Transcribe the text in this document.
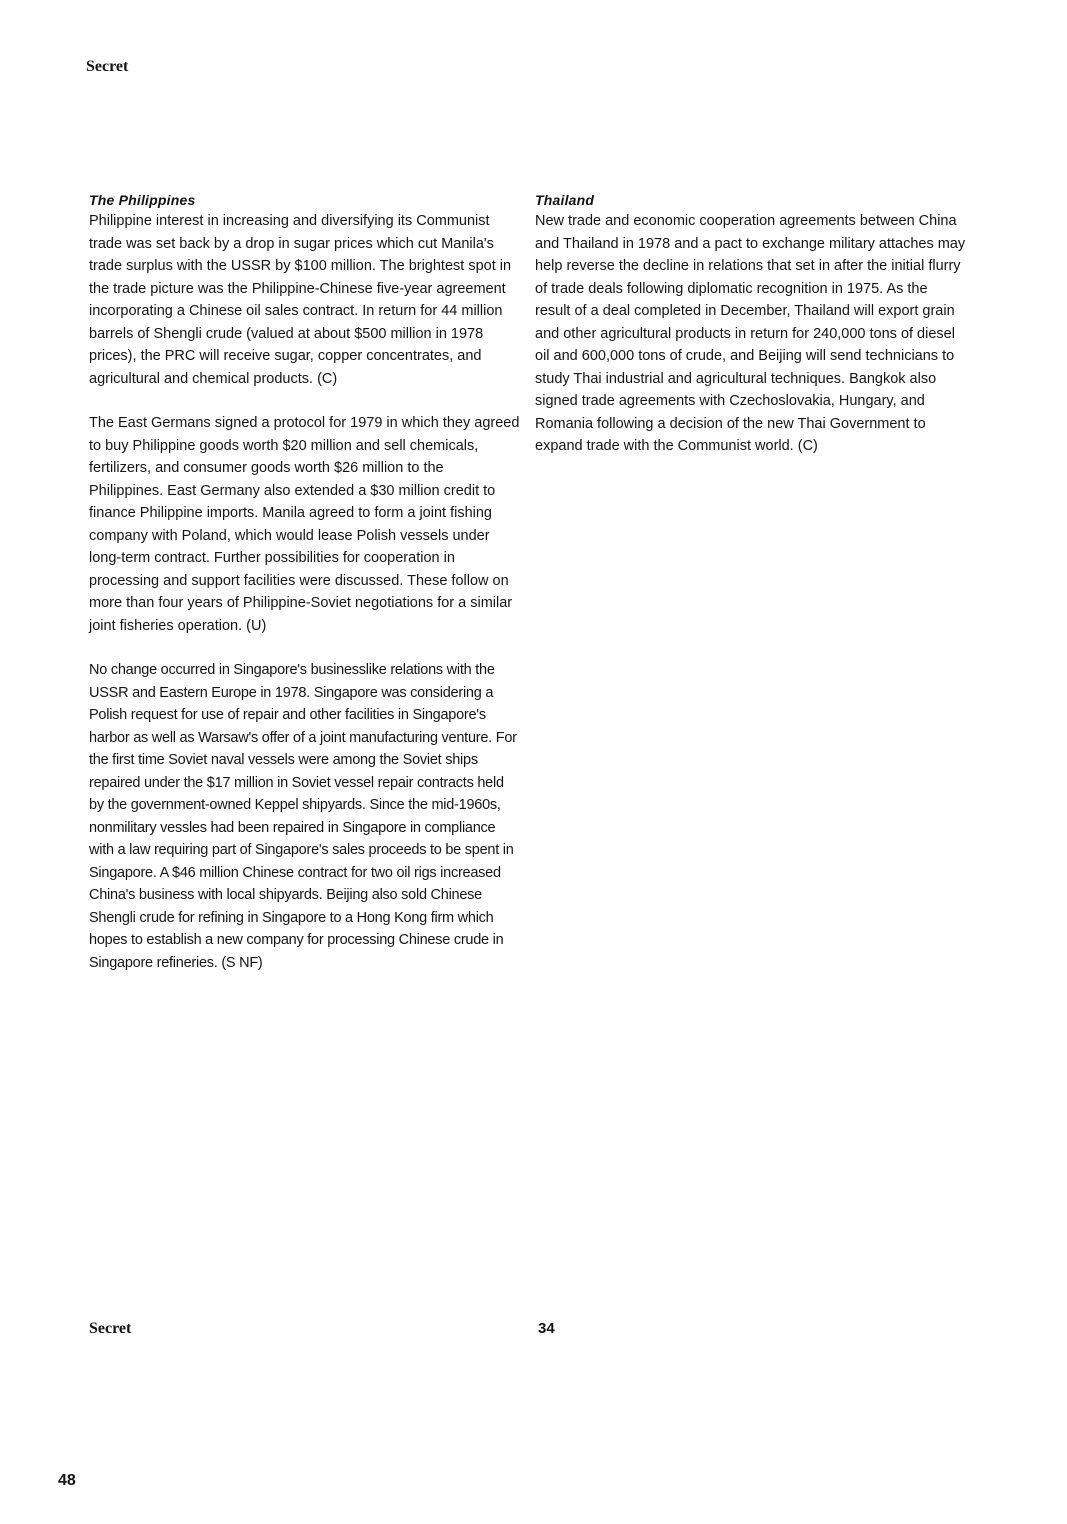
Secret
The Philippines

Philippine interest in increasing and diversifying its Communist trade was set back by a drop in sugar prices which cut Manila's trade surplus with the USSR by $100 million. The brightest spot in the trade picture was the Philippine-Chinese five-year agreement incorporating a Chinese oil sales contract. In return for 44 million barrels of Shengli crude (valued at about $500 million in 1978 prices), the PRC will receive sugar, copper concentrates, and agricultural and chemical products. (C)

The East Germans signed a protocol for 1979 in which they agreed to buy Philippine goods worth $20 million and sell chemicals, fertilizers, and consumer goods worth $26 million to the Philippines. East Germany also extended a $30 million credit to finance Philippine imports. Manila agreed to form a joint fishing company with Poland, which would lease Polish vessels under long-term contract. Further possibilities for cooperation in processing and support facilities were discussed. These follow on more than four years of Philippine-Soviet negotiations for a similar joint fisheries operation. (U)

No change occurred in Singapore's businesslike relations with the USSR and Eastern Europe in 1978. Singapore was considering a Polish request for use of repair and other facilities in Singapore's harbor as well as Warsaw's offer of a joint manufacturing venture. For the first time Soviet naval vessels were among the Soviet ships repaired under the $17 million in Soviet vessel repair contracts held by the government-owned Keppel shipyards. Since the mid-1960s, nonmilitary vessles had been repaired in Singapore in compliance with a law requiring part of Singapore's sales proceeds to be spent in Singapore. A $46 million Chinese contract for two oil rigs increased China's business with local shipyards. Beijing also sold Chinese Shengli crude for refining in Singapore to a Hong Kong firm which hopes to establish a new company for processing Chinese crude in Singapore refineries. (S NF)

Thailand

New trade and economic cooperation agreements between China and Thailand in 1978 and a pact to exchange military attaches may help reverse the decline in relations that set in after the initial flurry of trade deals following diplomatic recognition in 1975. As the result of a deal completed in December, Thailand will export grain and other agricultural products in return for 240,000 tons of diesel oil and 600,000 tons of crude, and Beijing will send technicians to study Thai industrial and agricultural techniques. Bangkok also signed trade agreements with Czechoslovakia, Hungary, and Romania following a decision of the new Thai Government to expand trade with the Communist world. (C)

Secret	34
48
